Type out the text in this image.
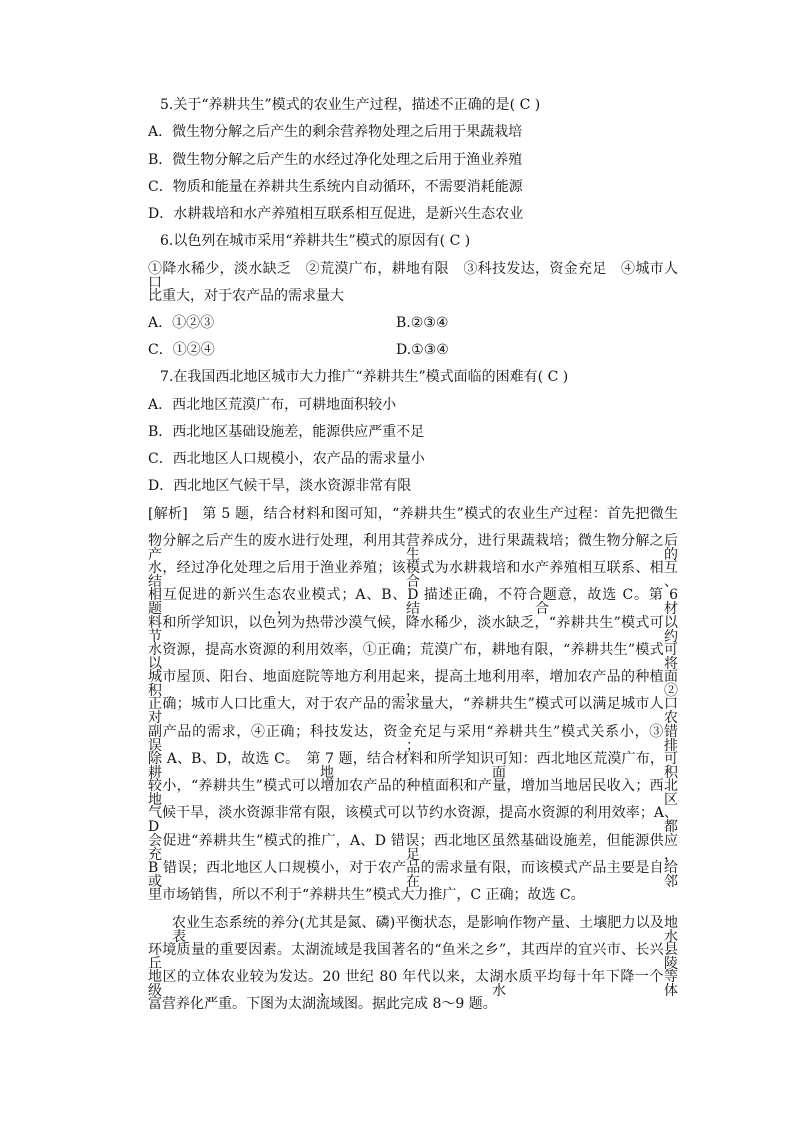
5.关于“养耕共生”模式的农业生产过程，描述不正确的是( C )
A．微生物分解之后产生的剩余营养物处理之后用于果蔬栽培
B．微生物分解之后产生的水经过净化处理之后用于渔业养殖
C．物质和能量在养耕共生系统内自动循环，不需要消耗能源
D．水耕栽培和水产养殖相互联系相互促进，是新兴生态农业
6.以色列在城市采用“养耕共生”模式的原因有( C )
①降水稀少，淡水缺乏　②荒漠广布，耕地有限　③科技发达，资金充足　④城市人口
比重大，对于农产品的需求量大
A．①②③	B.②③④
C．①②④	D.①③④
7.在我国西北地区城市大力推广“养耕共生”模式面临的困难有( C )
A．西北地区荒漠广布，可耕地面积较小
B．西北地区基础设施差，能源供应严重不足
C．西北地区人口规模小，农产品的需求量小
D．西北地区气候干旱，淡水资源非常有限
[解析]　第 5 题，结合材料和图可知，“养耕共生”模式的农业生产过程：首先把微生
物分解之后产生的废水进行处理，利用其营养成分，进行果蔬栽培；微生物分解之后产生的
水，经过净化处理之后用于渔业养殖；该模式为水耕栽培和水产养殖相互联系、相互结合、
相互促进的新兴生态农业模式；A、B、D 描述正确，不符合题意，故选 C。第 6 题，结合材
料和所学知识，以色列为热带沙漠气候，降水稀少，淡水缺乏，“养耕共生”模式可以节约
水资源，提高水资源的利用效率，①正确；荒漠广布，耕地有限，“养耕共生”模式可以将
城市屋顶、阳台、地面庭院等地方利用起来，提高土地利用率，增加农产品的种植面积，②
正确；城市人口比重大，对于农产品的需求量大，“养耕共生”模式可以满足城市人口对农
副产品的需求，④正确；科技发达，资金充足与采用“养耕共生”模式关系小，③错误；排
除 A、B、D，故选 C。　第 7 题，结合材料和所学知识可知：西北地区荒漠广布，可耕地面积
较小，“养耕共生”模式可以增加农产品的种植面积和产量，增加当地居民收入；西北地区
气候干旱，淡水资源非常有限，该模式可以节约水资源，提高水资源的利用效率；A、D 都
会促进“养耕共生”模式的推广，A、D 错误；西北地区虽然基础设施差，但能源供应充足，
B 错误；西北地区人口规模小，对于农产品的需求量有限，而该模式产品主要是自给或在邻
里市场销售，所以不利于“养耕共生”模式大力推广，C 正确；故选 C。
农业生态系统的养分(尤其是氮、磷)平衡状态，是影响作物产量、土壤肥力以及地表水
环境质量的重要因素。太湖流域是我国著名的“鱼米之乡”，其西岸的宜兴市、长兴县丘陵
地区的立体农业较为发达。20 世纪 80 年代以来，太湖水质平均每十年下降一个等级，水体
富营养化严重。下图为太湖流域图。据此完成 8～9 题。
